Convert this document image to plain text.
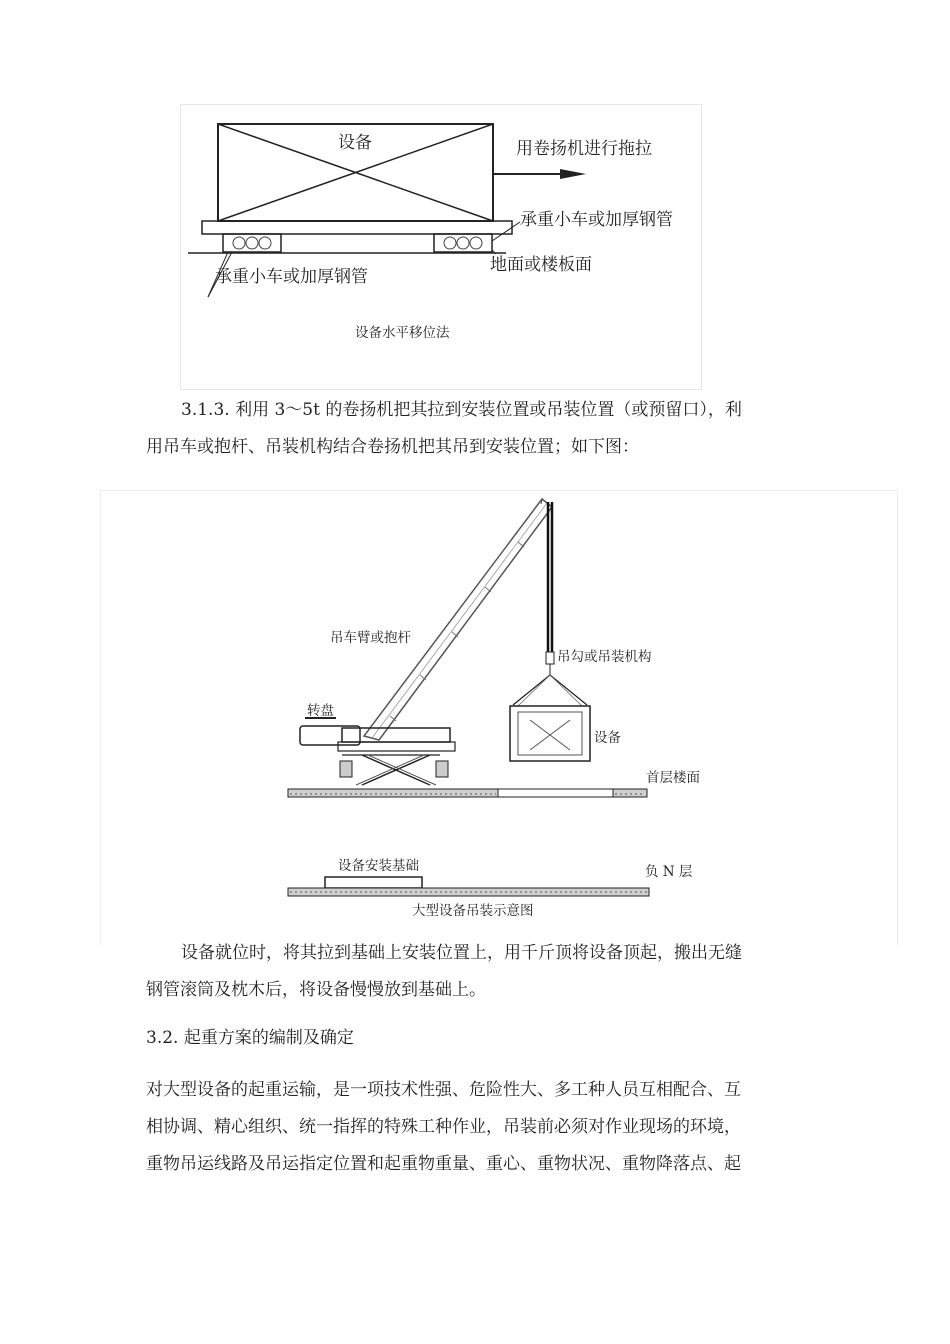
设备	用卷扬机进行拖拉
承重小车或加厚钢管
地面或楼板面
承重小车或加厚钢管
设备水平移位法

3.1.3. 利用 3～5t 的卷扬机把其拉到安装位置或吊装位置（或预留口），利
用吊车或抱杆、吊装机构结合卷扬机把其吊到安装位置；如下图：

吊车臂或抱杆
吊勾或吊装机构
转盘
设备
首层楼面
设备安装基础	负 N 层
大型设备吊装示意图

设备就位时，将其拉到基础上安装位置上，用千斤顶将设备顶起，搬出无缝
钢管滚筒及枕木后，将设备慢慢放到基础上。

3.2. 起重方案的编制及确定

对大型设备的起重运输，是一项技术性强、危险性大、多工种人员互相配合、互
相协调、精心组织、统一指挥的特殊工种作业，吊装前必须对作业现场的环境，
重物吊运线路及吊运指定位置和起重物重量、重心、重物状况、重物降落点、起
